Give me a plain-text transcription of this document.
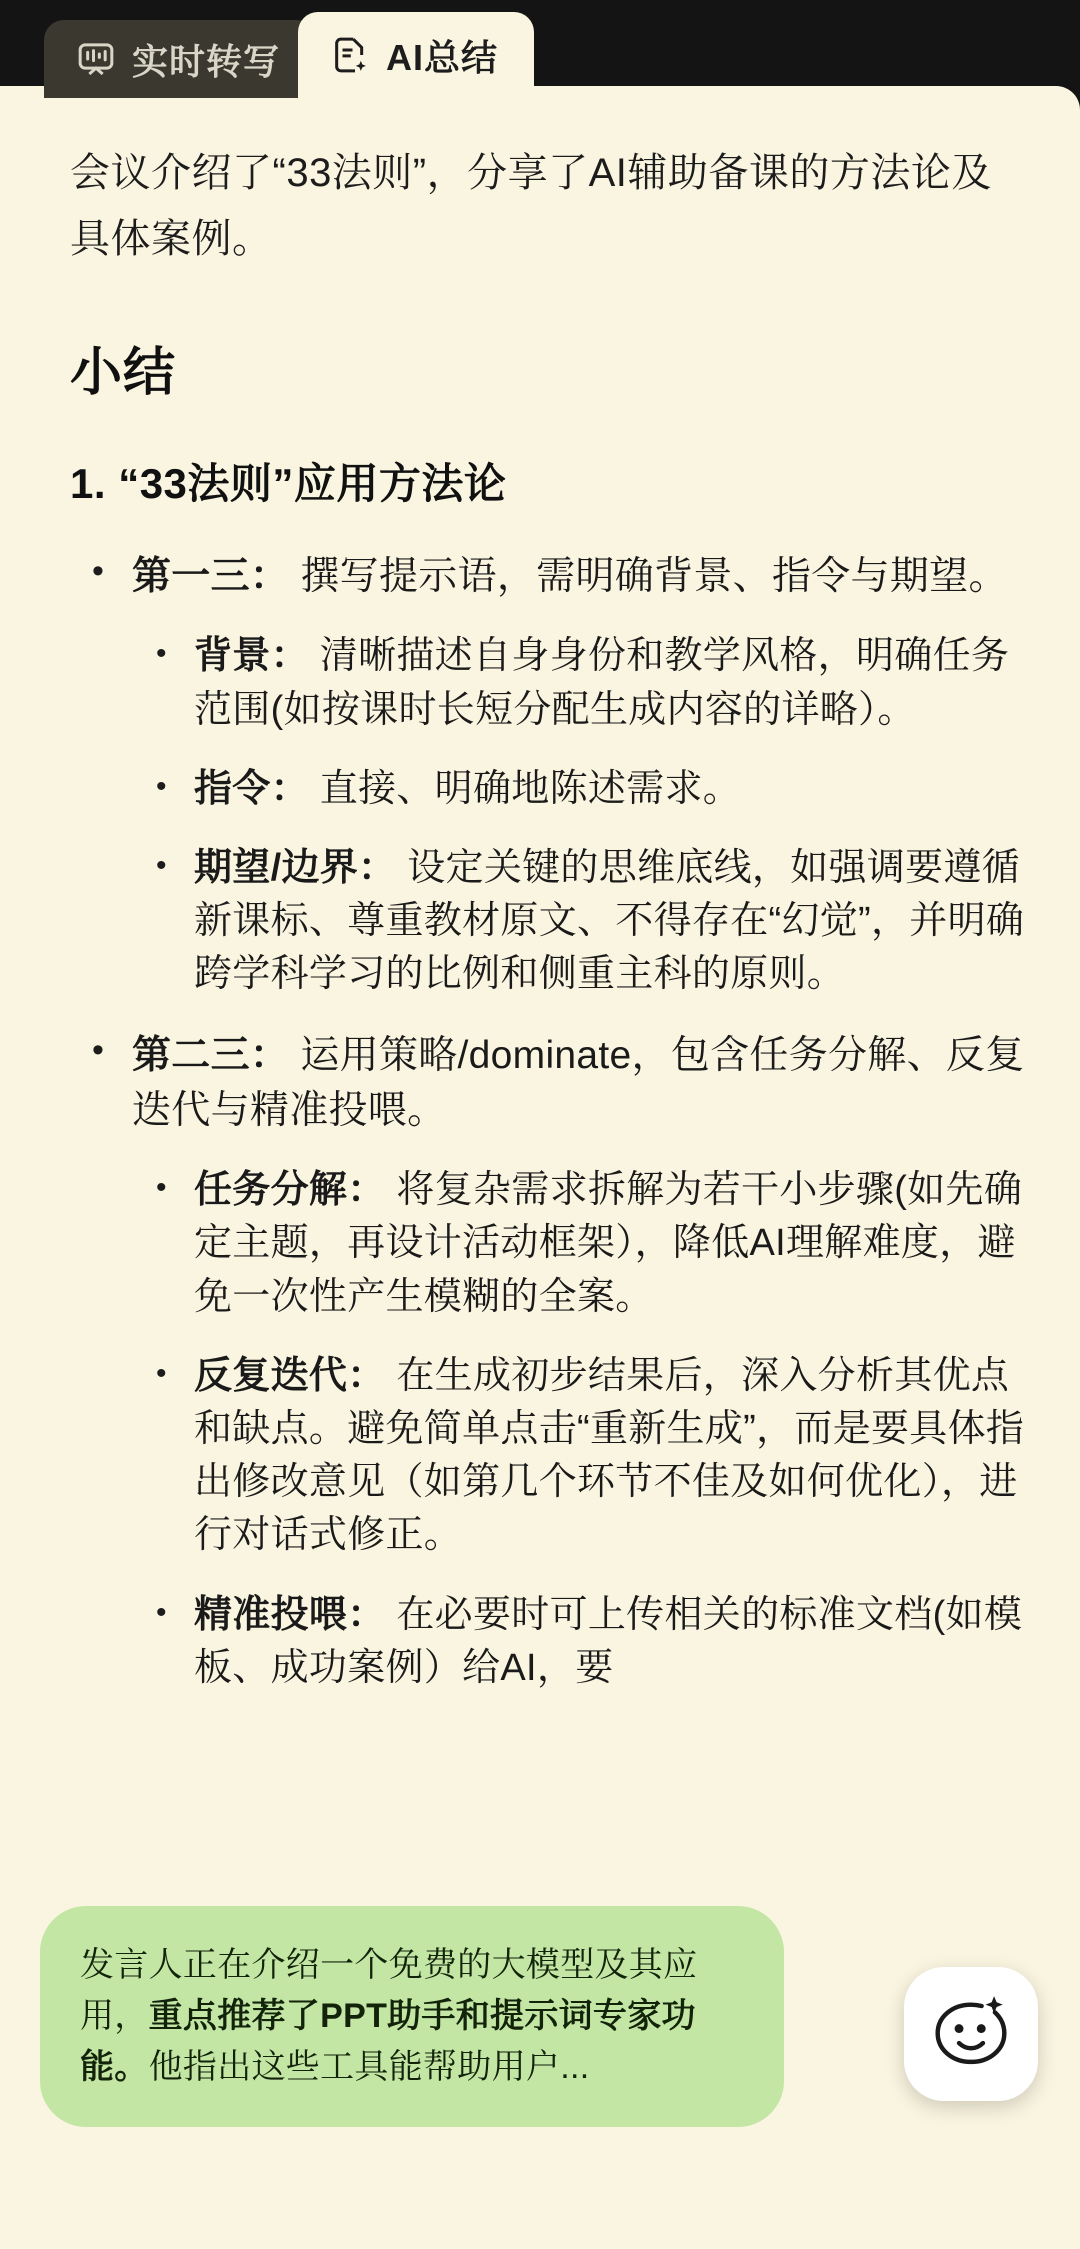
实时转写	AI总结
会议介绍了“33法则”，分享了AI辅助备课的方法论及具体案例。
小结
1. “33法则”应用方法论
• 第一三： 撰写提示语，需明确背景、指令与期望。
• 背景： 清晰描述自身身份和教学风格，明确任务范围(如按课时长短分配生成内容的详略）。
• 指令： 直接、明确地陈述需求。
• 期望/边界： 设定关键的思维底线，如强调要遵循新课标、尊重教材原文、不得存在“幻觉”，并明确跨学科学习的比例和侧重主科的原则。
• 第二三： 运用策略/dominate，包含任务分解、反复迭代与精准投喂。
• 任务分解： 将复杂需求拆解为若干小步骤(如先确定主题，再设计活动框架），降低AI理解难度，避免一次性产生模糊的全案。
• 反复迭代： 在生成初步结果后，深入分析其优点和缺点。避免简单点击“重新生成”，而是要具体指出修改意见（如第几个环节不佳及如何优化），进行对话式修正。
• 精准投喂： 在必要时可上传相关的标准文档(如模板、成功案例）给AI，要
发言人正在介绍一个免费的大模型及其应用，重点推荐了PPT助手和提示词专家功能。他指出这些工具能帮助用户...
